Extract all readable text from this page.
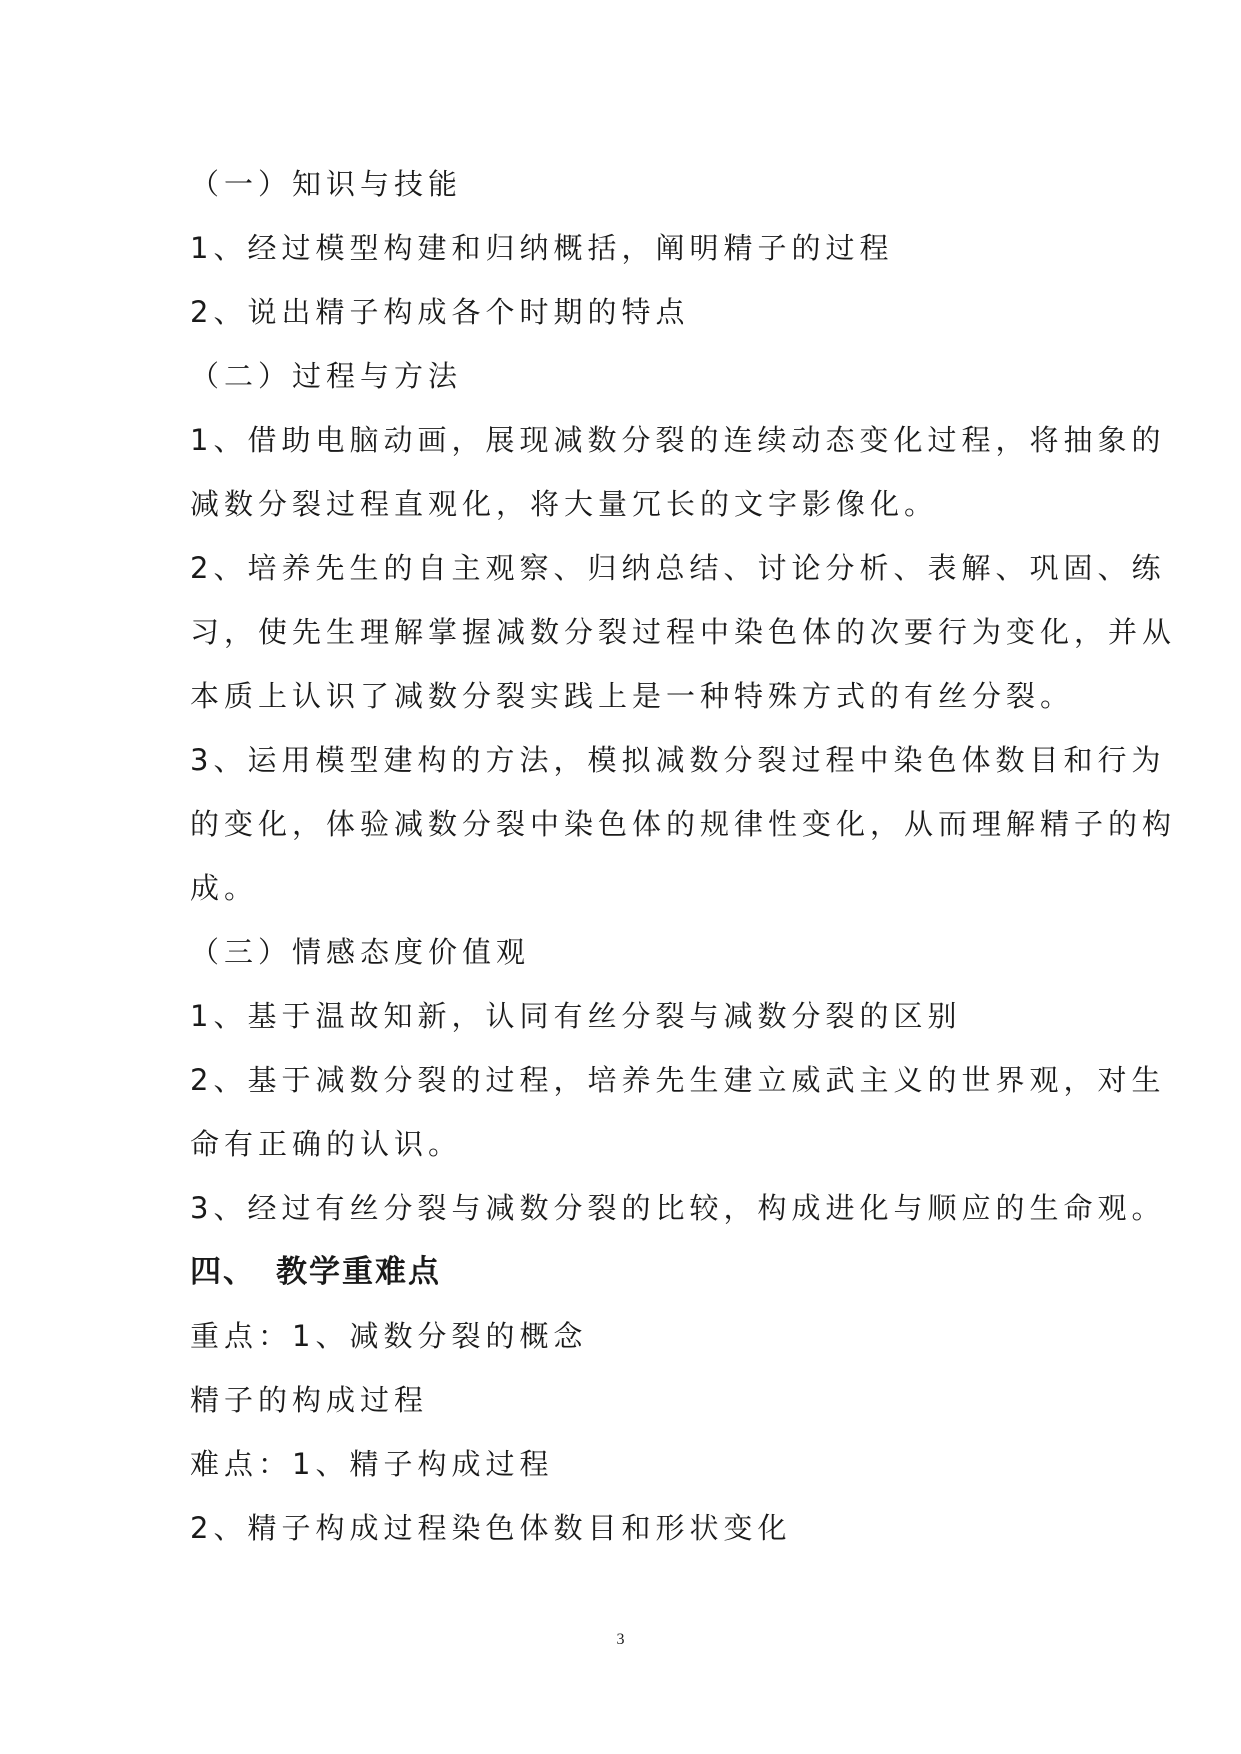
（一）知识与技能
1、经过模型构建和归纳概括，阐明精子的过程
2、说出精子构成各个时期的特点
（二）过程与方法
1、借助电脑动画，展现减数分裂的连续动态变化过程，将抽象的
减数分裂过程直观化，将大量冗长的文字影像化。
2、培养先生的自主观察、归纳总结、讨论分析、表解、巩固、练
习，使先生理解掌握减数分裂过程中染色体的次要行为变化，并从
本质上认识了减数分裂实践上是一种特殊方式的有丝分裂。
3、运用模型建构的方法，模拟减数分裂过程中染色体数目和行为
的变化，体验减数分裂中染色体的规律性变化，从而理解精子的构
成。
（三）情感态度价值观
1、基于温故知新，认同有丝分裂与减数分裂的区别
2、基于减数分裂的过程，培养先生建立威武主义的世界观，对生
命有正确的认识。
3、经过有丝分裂与减数分裂的比较，构成进化与顺应的生命观。
四、 教学重难点
重点：1、减数分裂的概念
精子的构成过程
难点：1、精子构成过程
2、精子构成过程染色体数目和形状变化
3
